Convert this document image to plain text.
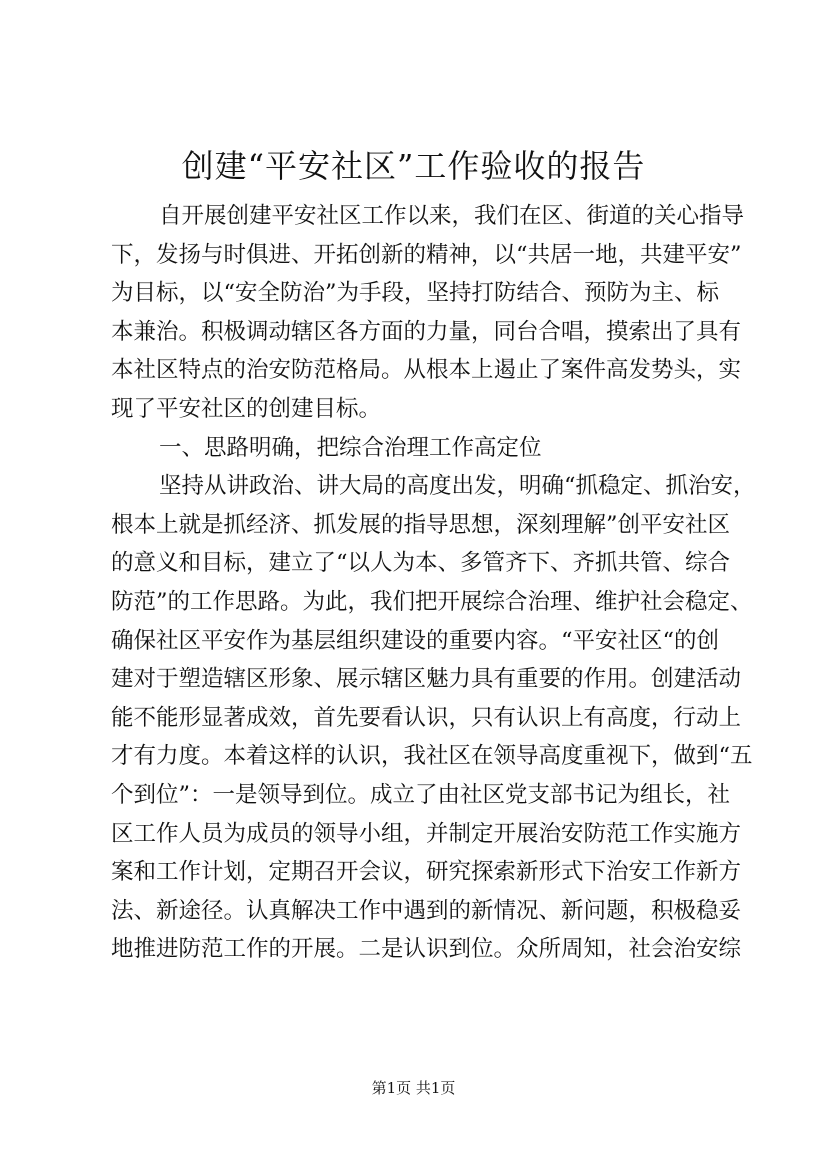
创建“平安社区”工作验收的报告
自开展创建平安社区工作以来，我们在区、街道的关心指导
下，发扬与时俱进、开拓创新的精神，以“共居一地，共建平安”
为目标，以“安全防治”为手段，坚持打防结合、预防为主、标
本兼治。积极调动辖区各方面的力量，同台合唱，摸索出了具有
本社区特点的治安防范格局。从根本上遏止了案件高发势头，实
现了平安社区的创建目标。
一、思路明确，把综合治理工作高定位
坚持从讲政治、讲大局的高度出发，明确“抓稳定、抓治安，
根本上就是抓经济、抓发展的指导思想，深刻理解”创平安社区
的意义和目标，建立了“以人为本、多管齐下、齐抓共管、综合
防范”的工作思路。为此，我们把开展综合治理、维护社会稳定、
确保社区平安作为基层组织建设的重要内容。“平安社区“的创
建对于塑造辖区形象、展示辖区魅力具有重要的作用。创建活动
能不能形显著成效，首先要看认识，只有认识上有高度，行动上
才有力度。本着这样的认识，我社区在领导高度重视下，做到“五
个到位”：一是领导到位。成立了由社区党支部书记为组长，社
区工作人员为成员的领导小组，并制定开展治安防范工作实施方
案和工作计划，定期召开会议，研究探索新形式下治安工作新方
法、新途径。认真解决工作中遇到的新情况、新问题，积极稳妥
地推进防范工作的开展。二是认识到位。众所周知，社会治安综
第1页 共1页
